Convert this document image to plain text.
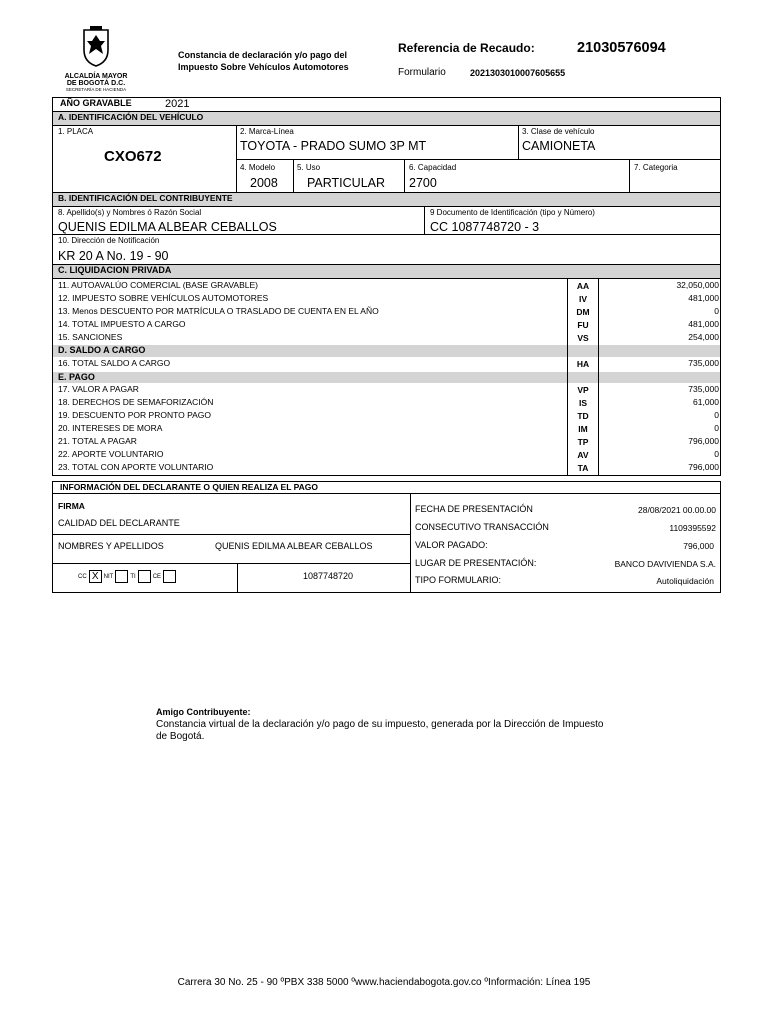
ALCALDÍA MAYOR
DE BOGOTÁ D.C.
SECRETARÍA DE HACIENDA
Constancia de declaración y/o pago del
Impuesto Sobre Vehículos Automotores
Referencia de Recaudo:	21030576094
Formulario	2021303010007605655
AÑO GRAVABLE	2021
A. IDENTIFICACIÓN DEL VEHÍCULO
1. PLACA
CXO672
2. Marca-Línea
TOYOTA - PRADO SUMO 3P MT
3. Clase de vehículo
CAMIONETA
4. Modelo
2008
5. Uso
PARTICULAR
6. Capacidad
2700
7. Categoria
B. IDENTIFICACIÓN DEL CONTRIBUYENTE
8. Apellido(s) y Nombres ó Razón Social
QUENIS EDILMA ALBEAR CEBALLOS
9 Documento de Identificación (tipo y Número)
CC 1087748720 - 3
10. Dirección de Notificación
KR 20 A No. 19 - 90
C. LIQUIDACION PRIVADA
11. AUTOAVALÚO COMERCIAL (BASE GRAVABLE)	AA	32,050,000
12. IMPUESTO SOBRE VEHÍCULOS AUTOMOTORES	IV	481,000
13. Menos DESCUENTO POR MATRÍCULA O TRASLADO DE CUENTA EN EL AÑO	DM	0
14. TOTAL IMPUESTO A CARGO	FU	481,000
15. SANCIONES	VS	254,000
D. SALDO A CARGO
16. TOTAL SALDO A CARGO	HA	735,000
E. PAGO
17. VALOR A PAGAR	VP	735,000
18. DERECHOS DE SEMAFORIZACIÓN	IS	61,000
19. DESCUENTO POR PRONTO PAGO	TD	0
20. INTERESES DE MORA	IM	0
21. TOTAL A PAGAR	TP	796,000
22. APORTE VOLUNTARIO	AV	0
23. TOTAL CON APORTE VOLUNTARIO	TA	796,000
INFORMACIÓN DEL DECLARANTE O QUIEN REALIZA EL PAGO
FIRMA
CALIDAD DEL DECLARANTE
NOMBRES Y APELLIDOS	QUENIS EDILMA ALBEAR CEBALLOS
CC X NIT	TI	CE	1087748720
FECHA DE PRESENTACIÓN	28/08/2021 00.00.00
CONSECUTIVO TRANSACCIÓN	1109395592
VALOR PAGADO:	796,000
LUGAR DE PRESENTACIÓN:	BANCO DAVIVIENDA S.A.
TIPO FORMULARIO:	Autoliquidación
Amigo Contribuyente:
Constancia virtual de la declaración y/o pago de su impuesto, generada por la Dirección de Impuesto
de Bogotá.
Carrera 30 No. 25 - 90 ºPBX 338 5000 ºwww.haciendabogota.gov.co ºInformación: Línea 195
